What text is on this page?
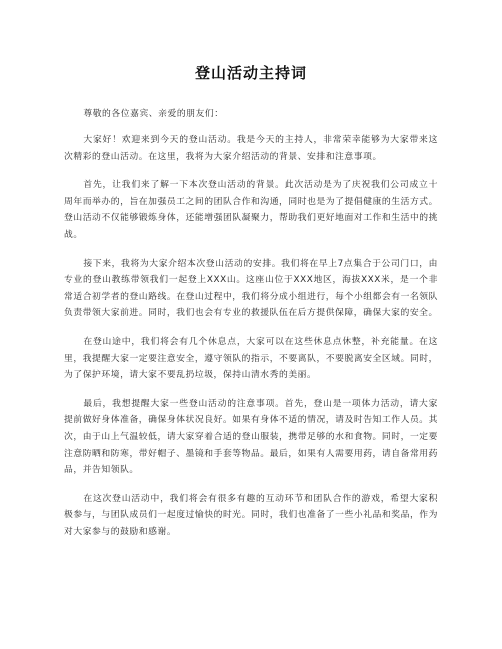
登山活动主持词

尊敬的各位嘉宾、亲爱的朋友们：

大家好！欢迎来到今天的登山活动。我是今天的主持人，非常荣幸能够为大家带来这次精彩的登山活动。在这里，我将为大家介绍活动的背景、安排和注意事项。

首先，让我们来了解一下本次登山活动的背景。此次活动是为了庆祝我们公司成立十周年而举办的，旨在加强员工之间的团队合作和沟通，同时也是为了提倡健康的生活方式。登山活动不仅能够锻炼身体，还能增强团队凝聚力，帮助我们更好地面对工作和生活中的挑战。

接下来，我将为大家介绍本次登山活动的安排。我们将在早上7点集合于公司门口，由专业的登山教练带领我们一起登上XXX山。这座山位于XXX地区，海拔XXX米，是一个非常适合初学者的登山路线。在登山过程中，我们将分成小组进行，每个小组都会有一名领队负责带领大家前进。同时，我们也会有专业的救援队伍在后方提供保障，确保大家的安全。

在登山途中，我们将会有几个休息点，大家可以在这些休息点休整，补充能量。在这里，我提醒大家一定要注意安全，遵守领队的指示，不要离队，不要脱离安全区域。同时，为了保护环境，请大家不要乱扔垃圾，保持山清水秀的美丽。

最后，我想提醒大家一些登山活动的注意事项。首先，登山是一项体力活动，请大家提前做好身体准备，确保身体状况良好。如果有身体不适的情况，请及时告知工作人员。其次，由于山上气温较低，请大家穿着合适的登山服装，携带足够的水和食物。同时，一定要注意防晒和防寒，带好帽子、墨镜和手套等物品。最后，如果有人需要用药，请自备常用药品，并告知领队。

在这次登山活动中，我们将会有很多有趣的互动环节和团队合作的游戏，希望大家积极参与，与团队成员们一起度过愉快的时光。同时，我们也准备了一些小礼品和奖品，作为对大家参与的鼓励和感谢。
